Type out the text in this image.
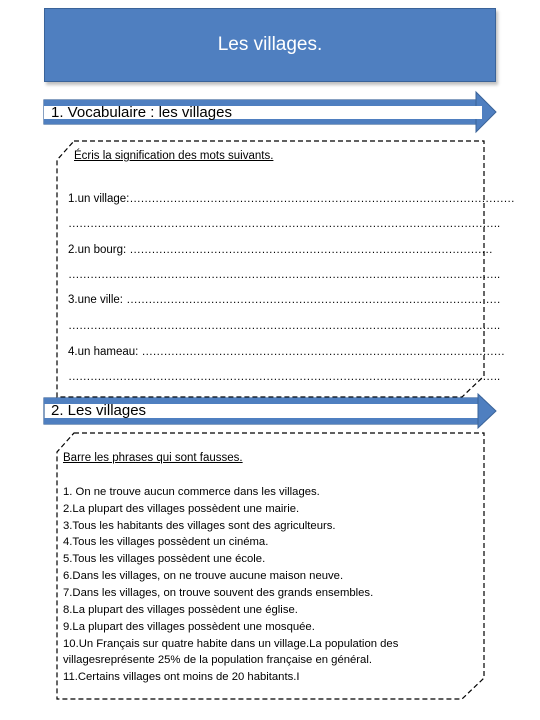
Les villages.
1. Vocabulaire : les villages
Écris la signification des mots suivants.
1.un village:……………………………………………………………………………………………
……………………………………………………………………………………………………….
2.un bourg: ………………………………………………………………………………………
……………………………………………………………………………………………………….
3.une ville: …………………………………………………………………………………………
……………………………………………………………………………………………………….
4.un hameau: ………………………………………………………………………………………
……………………………………………………………………………………………………….
2. Les villages
Barre les phrases qui sont fausses.
1. On ne trouve aucun commerce dans les villages.
2.La plupart des villages possèdent une mairie.
3.Tous les habitants des villages sont des agriculteurs.
4.Tous les villages possèdent un cinéma.
5.Tous les villages possèdent une école.
6.Dans les villages, on ne trouve aucune maison neuve.
7.Dans les villages, on trouve souvent des grands ensembles.
8.La plupart des villages possèdent une église.
9.La plupart des villages possèdent une mosquée.
10.Un Français sur quatre habite dans un village.La population des
villagesreprésente 25% de la population française en général.
11.Certains villages ont moins de 20 habitants.I
